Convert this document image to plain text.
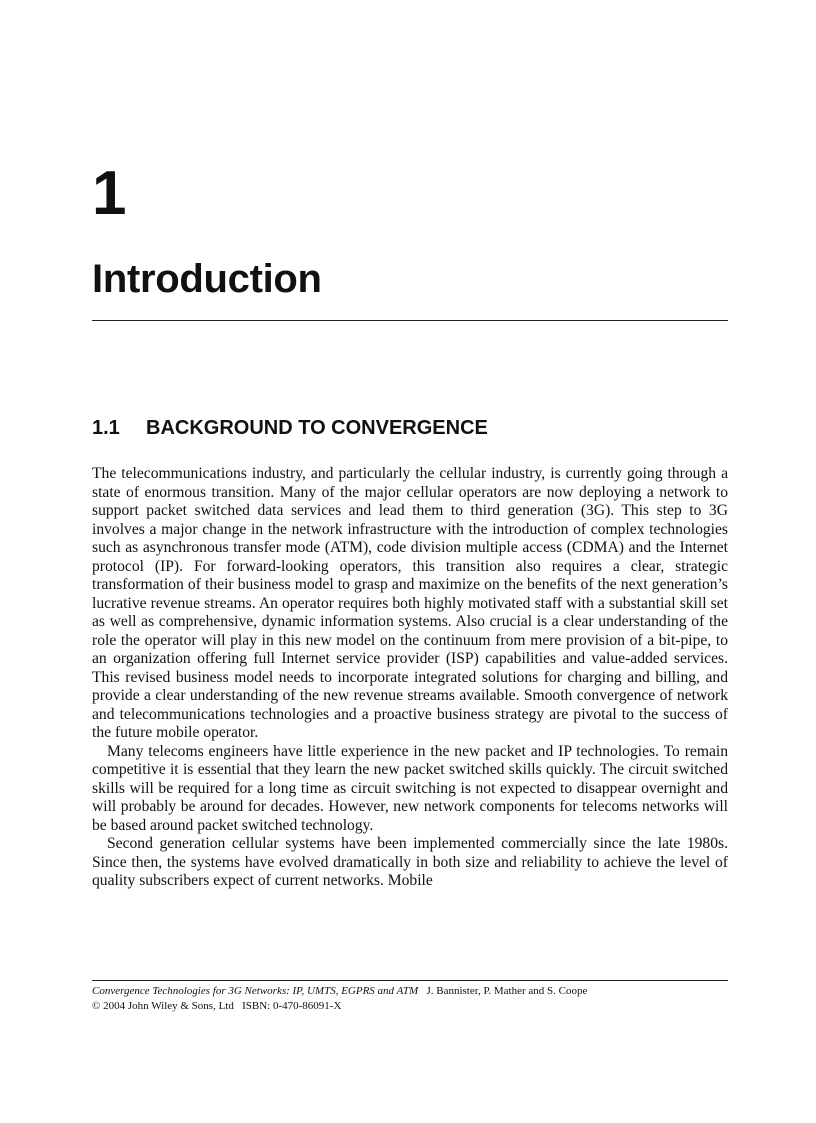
1
Introduction
1.1 BACKGROUND TO CONVERGENCE

The telecommunications industry, and particularly the cellular industry, is currently going through a state of enormous transition. Many of the major cellular operators are now deploying a network to support packet switched data services and lead them to third generation (3G). This step to 3G involves a major change in the network infrastructure with the introduction of complex technologies such as asynchronous transfer mode (ATM), code division multiple access (CDMA) and the Internet protocol (IP). For forward-looking operators, this transition also requires a clear, strategic transformation of their business model to grasp and maximize on the benefits of the next generation’s lucrative revenue streams. An operator requires both highly motivated staff with a substantial skill set as well as comprehensive, dynamic information systems. Also crucial is a clear understanding of the role the operator will play in this new model on the continuum from mere provision of a bit-pipe, to an organization offering full Internet service provider (ISP) capabilities and value-added services. This revised business model needs to incorporate integrated solutions for charging and billing, and provide a clear understanding of the new revenue streams available. Smooth convergence of network and telecommunications technologies and a proactive business strategy are pivotal to the success of the future mobile operator.

Many telecoms engineers have little experience in the new packet and IP technologies. To remain competitive it is essential that they learn the new packet switched skills quickly. The circuit switched skills will be required for a long time as circuit switching is not expected to disappear overnight and will probably be around for decades. However, new network components for telecoms networks will be based around packet switched technology.

Second generation cellular systems have been implemented commercially since the late 1980s. Since then, the systems have evolved dramatically in both size and reliability to achieve the level of quality subscribers expect of current networks. Mobile

Convergence Technologies for 3G Networks: IP, UMTS, EGPRS and ATM J. Bannister, P. Mather and S. Coope

© 2004 John Wiley & Sons, Ltd ISBN: 0-470-86091-X
